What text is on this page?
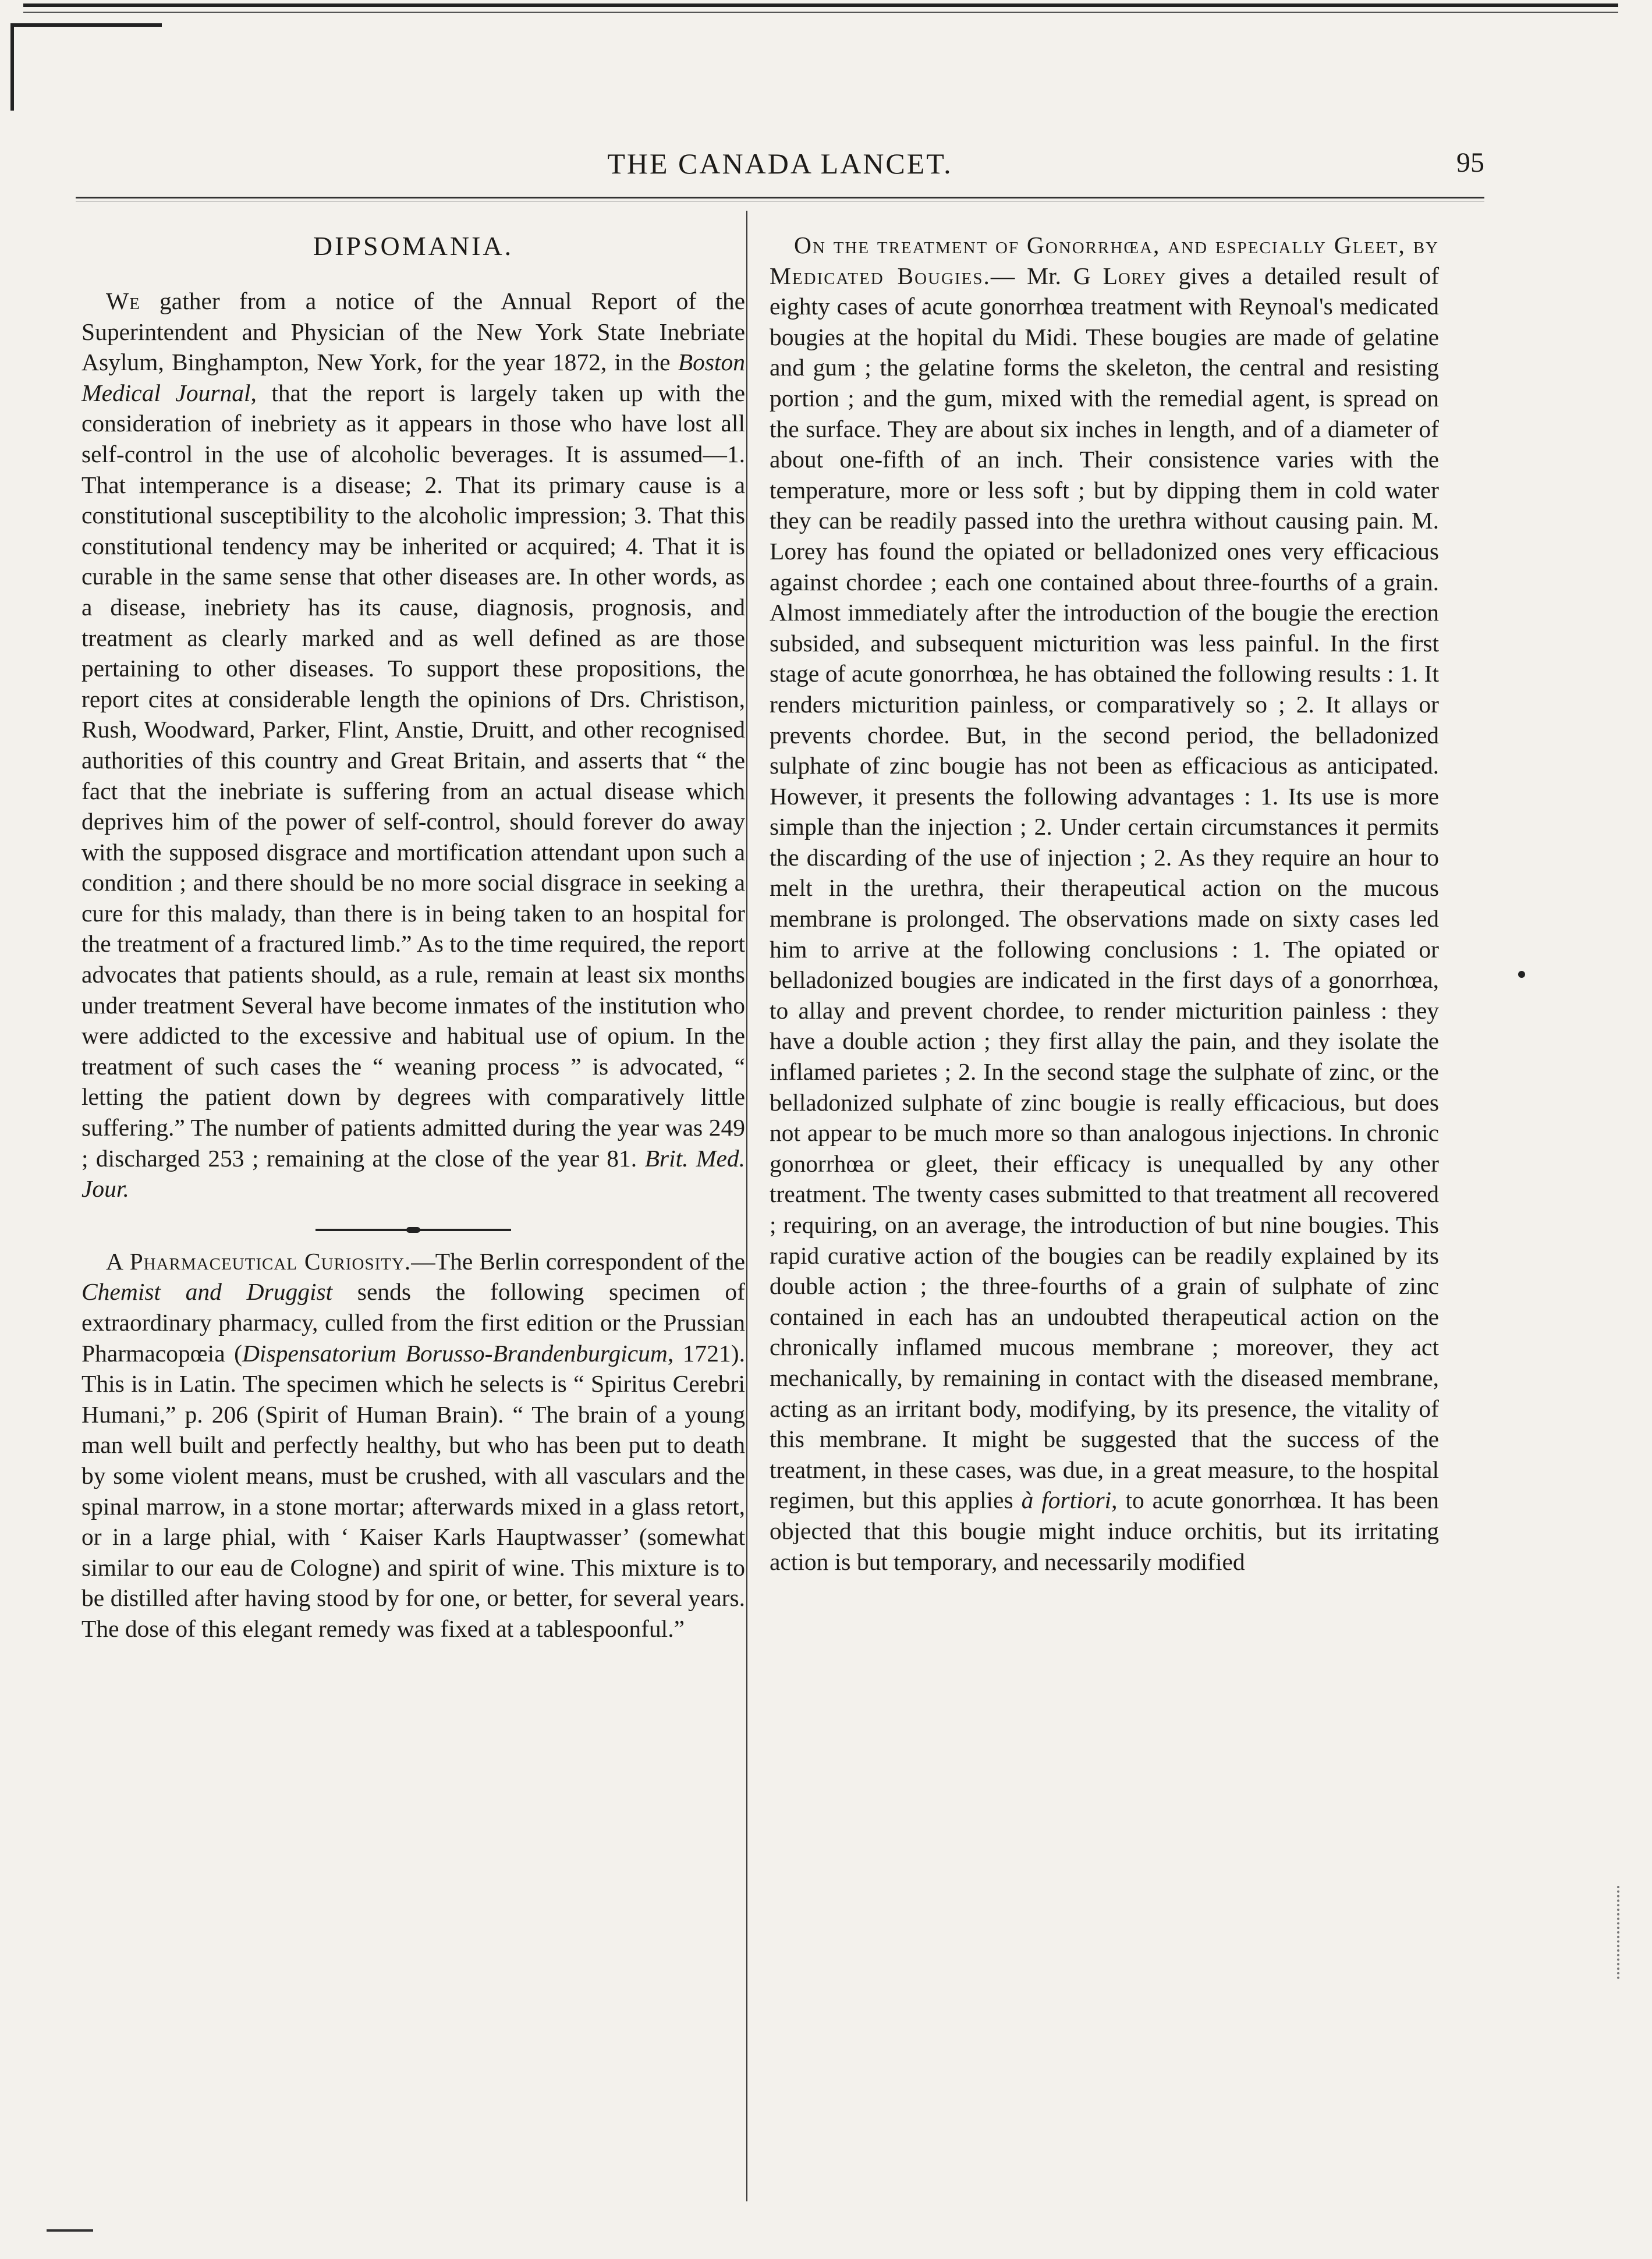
THE CANADA LANCET.	95
DIPSOMANIA.

We gather from a notice of the Annual Report of the Superintendent and Physician of the New York State Inebriate Asylum, Binghampton, New York, for the year 1872, in the Boston Medical Journal, that the report is largely taken up with the consideration of inebriety as it appears in those who have lost all self-control in the use of alcoholic beverages. It is assumed—1. That intemperance is a disease; 2. That its primary cause is a constitutional susceptibility to the alcoholic impression; 3. That this constitutional tendency may be inherited or acquired; 4. That it is curable in the same sense that other diseases are. In other words, as a disease, inebriety has its cause, diagnosis, prognosis, and treatment as clearly marked and as well defined as are those pertaining to other diseases. To support these propositions, the report cites at considerable length the opinions of Drs. Christison, Rush, Woodward, Parker, Flint, Anstie, Druitt, and other recognised authorities of this country and Great Britain, and asserts that “ the fact that the inebriate is suffering from an actual disease which deprives him of the power of self-control, should forever do away with the supposed disgrace and mortification attendant upon such a condition ; and there should be no more social disgrace in seeking a cure for this malady, than there is in being taken to an hospital for the treatment of a fractured limb.” As to the time required, the report advocates that patients should, as a rule, remain at least six months under treatment Several have become inmates of the institution who were addicted to the excessive and habitual use of opium. In the treatment of such cases the “ weaning process ” is advocated, “ letting the patient down by degrees with comparatively little suffering.” The number of patients admitted during the year was 249 ; discharged 253 ; remaining at the close of the year 81. Brit. Med. Jour.

A Pharmaceutical Curiosity.—The Berlin correspondent of the Chemist and Druggist sends the following specimen of extraordinary pharmacy, culled from the first edition or the Prussian Pharmacopœia (Dispensatorium Borusso-Brandenburgicum, 1721). This is in Latin. The specimen which he selects is “ Spiritus Cerebri Humani,” p. 206 (Spirit of Human Brain). “ The brain of a young man well built and perfectly healthy, but who has been put to death by some violent means, must be crushed, with all vasculars and the spinal marrow, in a stone mortar; afterwards mixed in a glass retort, or in a large phial, with ‘ Kaiser Karls Hauptwasser’ (somewhat similar to our eau de Cologne) and spirit of wine. This mixture is to be distilled after having stood by for one, or better, for several years. The dose of this elegant remedy was fixed at a tablespoonful.”

On the treatment of Gonorrhœa, and especially Gleet, by Medicated Bougies.— Mr. G Lorey gives a detailed result of eighty cases of acute gonorrhœa treatment with Reynoal's medicated bougies at the hopital du Midi. These bougies are made of gelatine and gum ; the gelatine forms the skeleton, the central and resisting portion ; and the gum, mixed with the remedial agent, is spread on the surface. They are about six inches in length, and of a diameter of about one-fifth of an inch. Their consistence varies with the temperature, more or less soft ; but by dipping them in cold water they can be readily passed into the urethra without causing pain. M. Lorey has found the opiated or belladonized ones very efficacious against chordee ; each one contained about three-fourths of a grain. Almost immediately after the introduction of the bougie the erection subsided, and subsequent micturition was less painful. In the first stage of acute gonorrhœa, he has obtained the following results : 1. It renders micturition painless, or comparatively so ; 2. It allays or prevents chordee. But, in the second period, the belladonized sulphate of zinc bougie has not been as efficacious as anticipated. However, it presents the following advantages : 1. Its use is more simple than the injection ; 2. Under certain circumstances it permits the discarding of the use of injection ; 2. As they require an hour to melt in the urethra, their therapeutical action on the mucous membrane is prolonged. The observations made on sixty cases led him to arrive at the following conclusions : 1. The opiated or belladonized bougies are indicated in the first days of a gonorrhœa, to allay and prevent chordee, to render micturition painless : they have a double action ; they first allay the pain, and they isolate the inflamed parietes ; 2. In the second stage the sulphate of zinc, or the belladonized sulphate of zinc bougie is really efficacious, but does not appear to be much more so than analogous injections. In chronic gonorrhœa or gleet, their efficacy is unequalled by any other treatment. The twenty cases submitted to that treatment all recovered ; requiring, on an average, the introduction of but nine bougies. This rapid curative action of the bougies can be readily explained by its double action ; the three-fourths of a grain of sulphate of zinc contained in each has an undoubted therapeutical action on the chronically inflamed mucous membrane ; moreover, they act mechanically, by remaining in contact with the diseased membrane, acting as an irritant body, modifying, by its presence, the vitality of this membrane. It might be suggested that the success of the treatment, in these cases, was due, in a great measure, to the hospital regimen, but this applies à fortiori, to acute gonorrhœa. It has been objected that this bougie might induce orchitis, but its irritating action is but temporary, and necessarily modified
